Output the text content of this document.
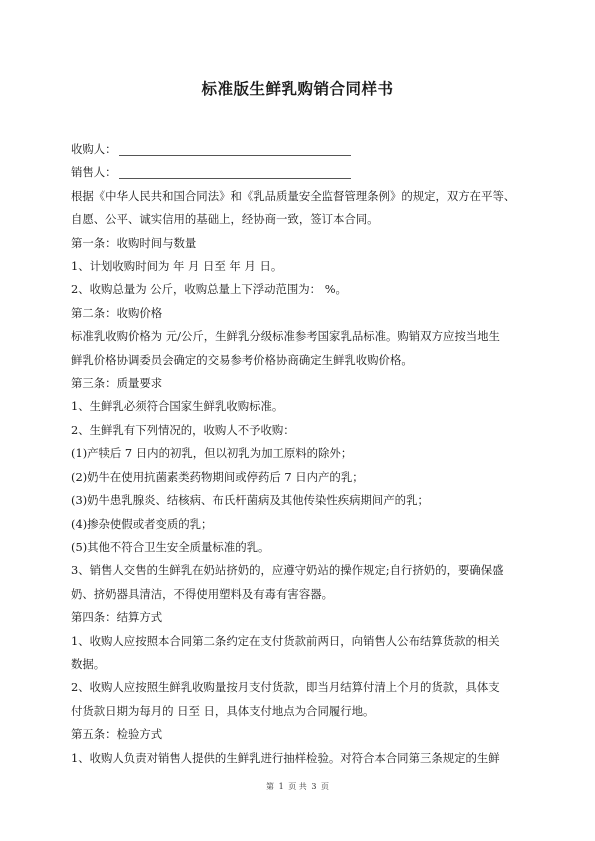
标准版生鲜乳购销合同样书
收购人：
销售人：
根据《中华人民共和国合同法》和《乳品质量安全监督管理条例》的规定，双方在平等、
自愿、公平、诚实信用的基础上，经协商一致，签订本合同。
第一条：收购时间与数量
1、计划收购时间为 年 月 日至 年 月 日。
2、收购总量为 公斤，收购总量上下浮动范围为： %。
第二条：收购价格
标准乳收购价格为 元/公斤，生鲜乳分级标准参考国家乳品标准。购销双方应按当地生
鲜乳价格协调委员会确定的交易参考价格协商确定生鲜乳收购价格。
第三条：质量要求
1、生鲜乳必须符合国家生鲜乳收购标准。
2、生鲜乳有下列情况的，收购人不予收购：
(1)产犊后 7 日内的初乳，但以初乳为加工原料的除外；
(2)奶牛在使用抗菌素类药物期间或停药后 7 日内产的乳；
(3)奶牛患乳腺炎、结核病、布氏杆菌病及其他传染性疾病期间产的乳；
(4)掺杂使假或者变质的乳；
(5)其他不符合卫生安全质量标准的乳。
3、销售人交售的生鲜乳在奶站挤奶的，应遵守奶站的操作规定;自行挤奶的，要确保盛
奶、挤奶器具清洁，不得使用塑料及有毒有害容器。
第四条：结算方式
1、收购人应按照本合同第二条约定在支付货款前两日，向销售人公布结算货款的相关
数据。
2、收购人应按照生鲜乳收购量按月支付货款，即当月结算付清上个月的货款，具体支
付货款日期为每月的 日至 日，具体支付地点为合同履行地。
第五条：检验方式
1、收购人负责对销售人提供的生鲜乳进行抽样检验。对符合本合同第三条规定的生鲜
第 1 页 共 3 页
